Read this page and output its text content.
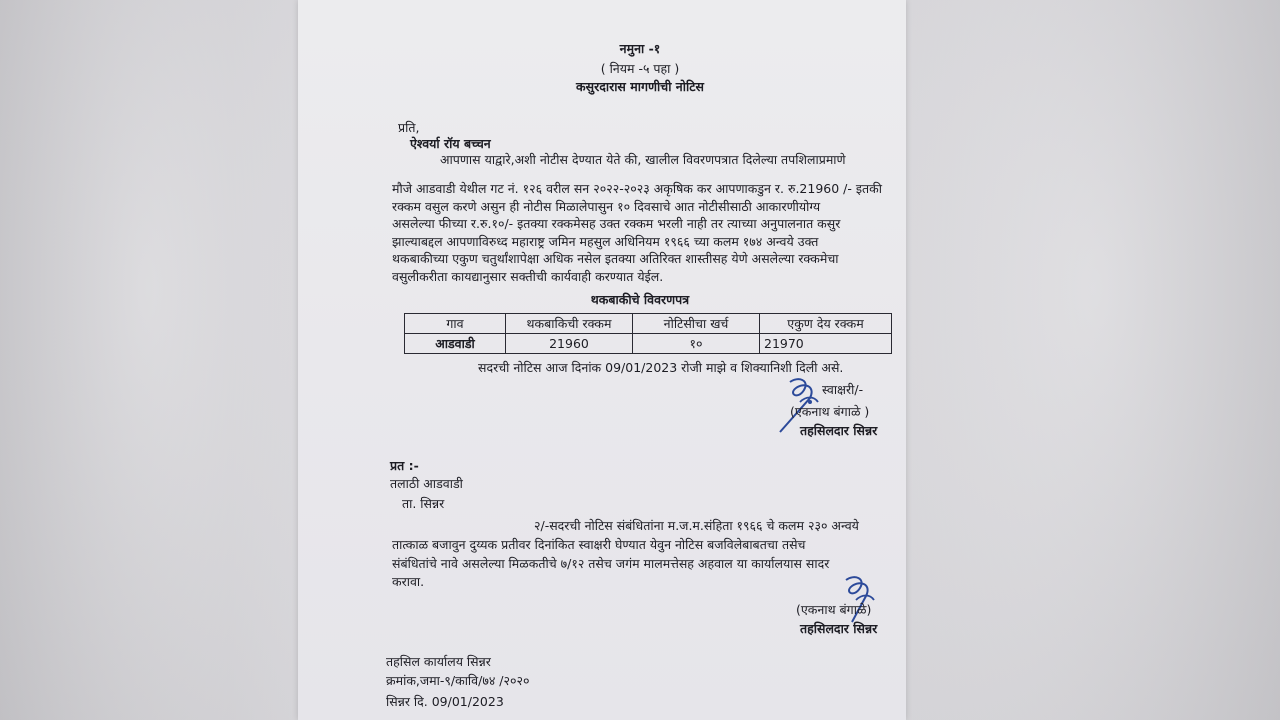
नमुना -१
( नियम -५ पहा )
कसुरदारास मागणीची नोटिस
प्रति,
ऐश्वर्या रॉय बच्चन
आपणास याद्वारे,अशी नोटीस देण्यात येते की, खालील विवरणपत्रात दिलेल्या तपशिलाप्रमाणे
मौजे आडवाडी येथील गट नं. १२६ वरील सन २०२२-२०२३ अकृषिक कर आपणाकडुन र. रु.21960 /- इतकी
रक्कम वसुल करणे असुन ही नोटीस मिळालेपासुन १० दिवसाचे आत नोटीसीसाठी आकारणीयोग्य
असलेल्या फीच्या र.रु.१०/- इतक्या रक्कमेसह उक्त रक्कम भरली नाही तर त्याच्या अनुपालनात कसुर
झाल्याबद्दल आपणाविरुध्द महाराष्ट्र जमिन महसुल अधिनियम १९६६ च्या कलम १७४ अन्वये उक्त
थकबाकीच्या एकुण चतुर्थांशापेक्षा अधिक नसेल इतक्या अतिरिक्त शास्तीसह येणे असलेल्या रक्कमेचा
वसुलीकरीता कायद्यानुसार सक्तीची कार्यवाही करण्यात येईल.
थकबाकीचे विवरणपत्र
गाव	थकबाकिची रक्कम	नोटिसीचा खर्च	एकुण देय रक्कम
आडवाडी	21960	१०	21970
सदरची नोटिस आज दिनांक 09/01/2023 रोजी माझे व शिक्यानिशी दिली असे.
स्वाक्षरी/-
(एकनाथ बंगाळे )
तहसिलदार सिन्नर
प्रत :-
तलाठी आडवाडी
ता. सिन्नर
२/-सदरची नोटिस संबंधितांना म.ज.म.संहिता १९६६ चे कलम २३० अन्वये
तात्काळ बजावुन दुय्यक प्रतीवर दिनांकित स्वाक्षरी घेण्यात येवुन नोटिस बजविलेबाबतचा तसेच
संबंधितांचे नावे असलेल्या मिळकतीचे ७/१२ तसेच जगंम मालमत्तेसह अहवाल या कार्यालयास सादर
करावा.
(एकनाथ बंगाळे)
तहसिलदार सिन्नर
तहसिल कार्यालय सिन्नर
क्रमांक,जमा-९/कावि/७४ /२०२०
सिन्नर दि. 09/01/2023
